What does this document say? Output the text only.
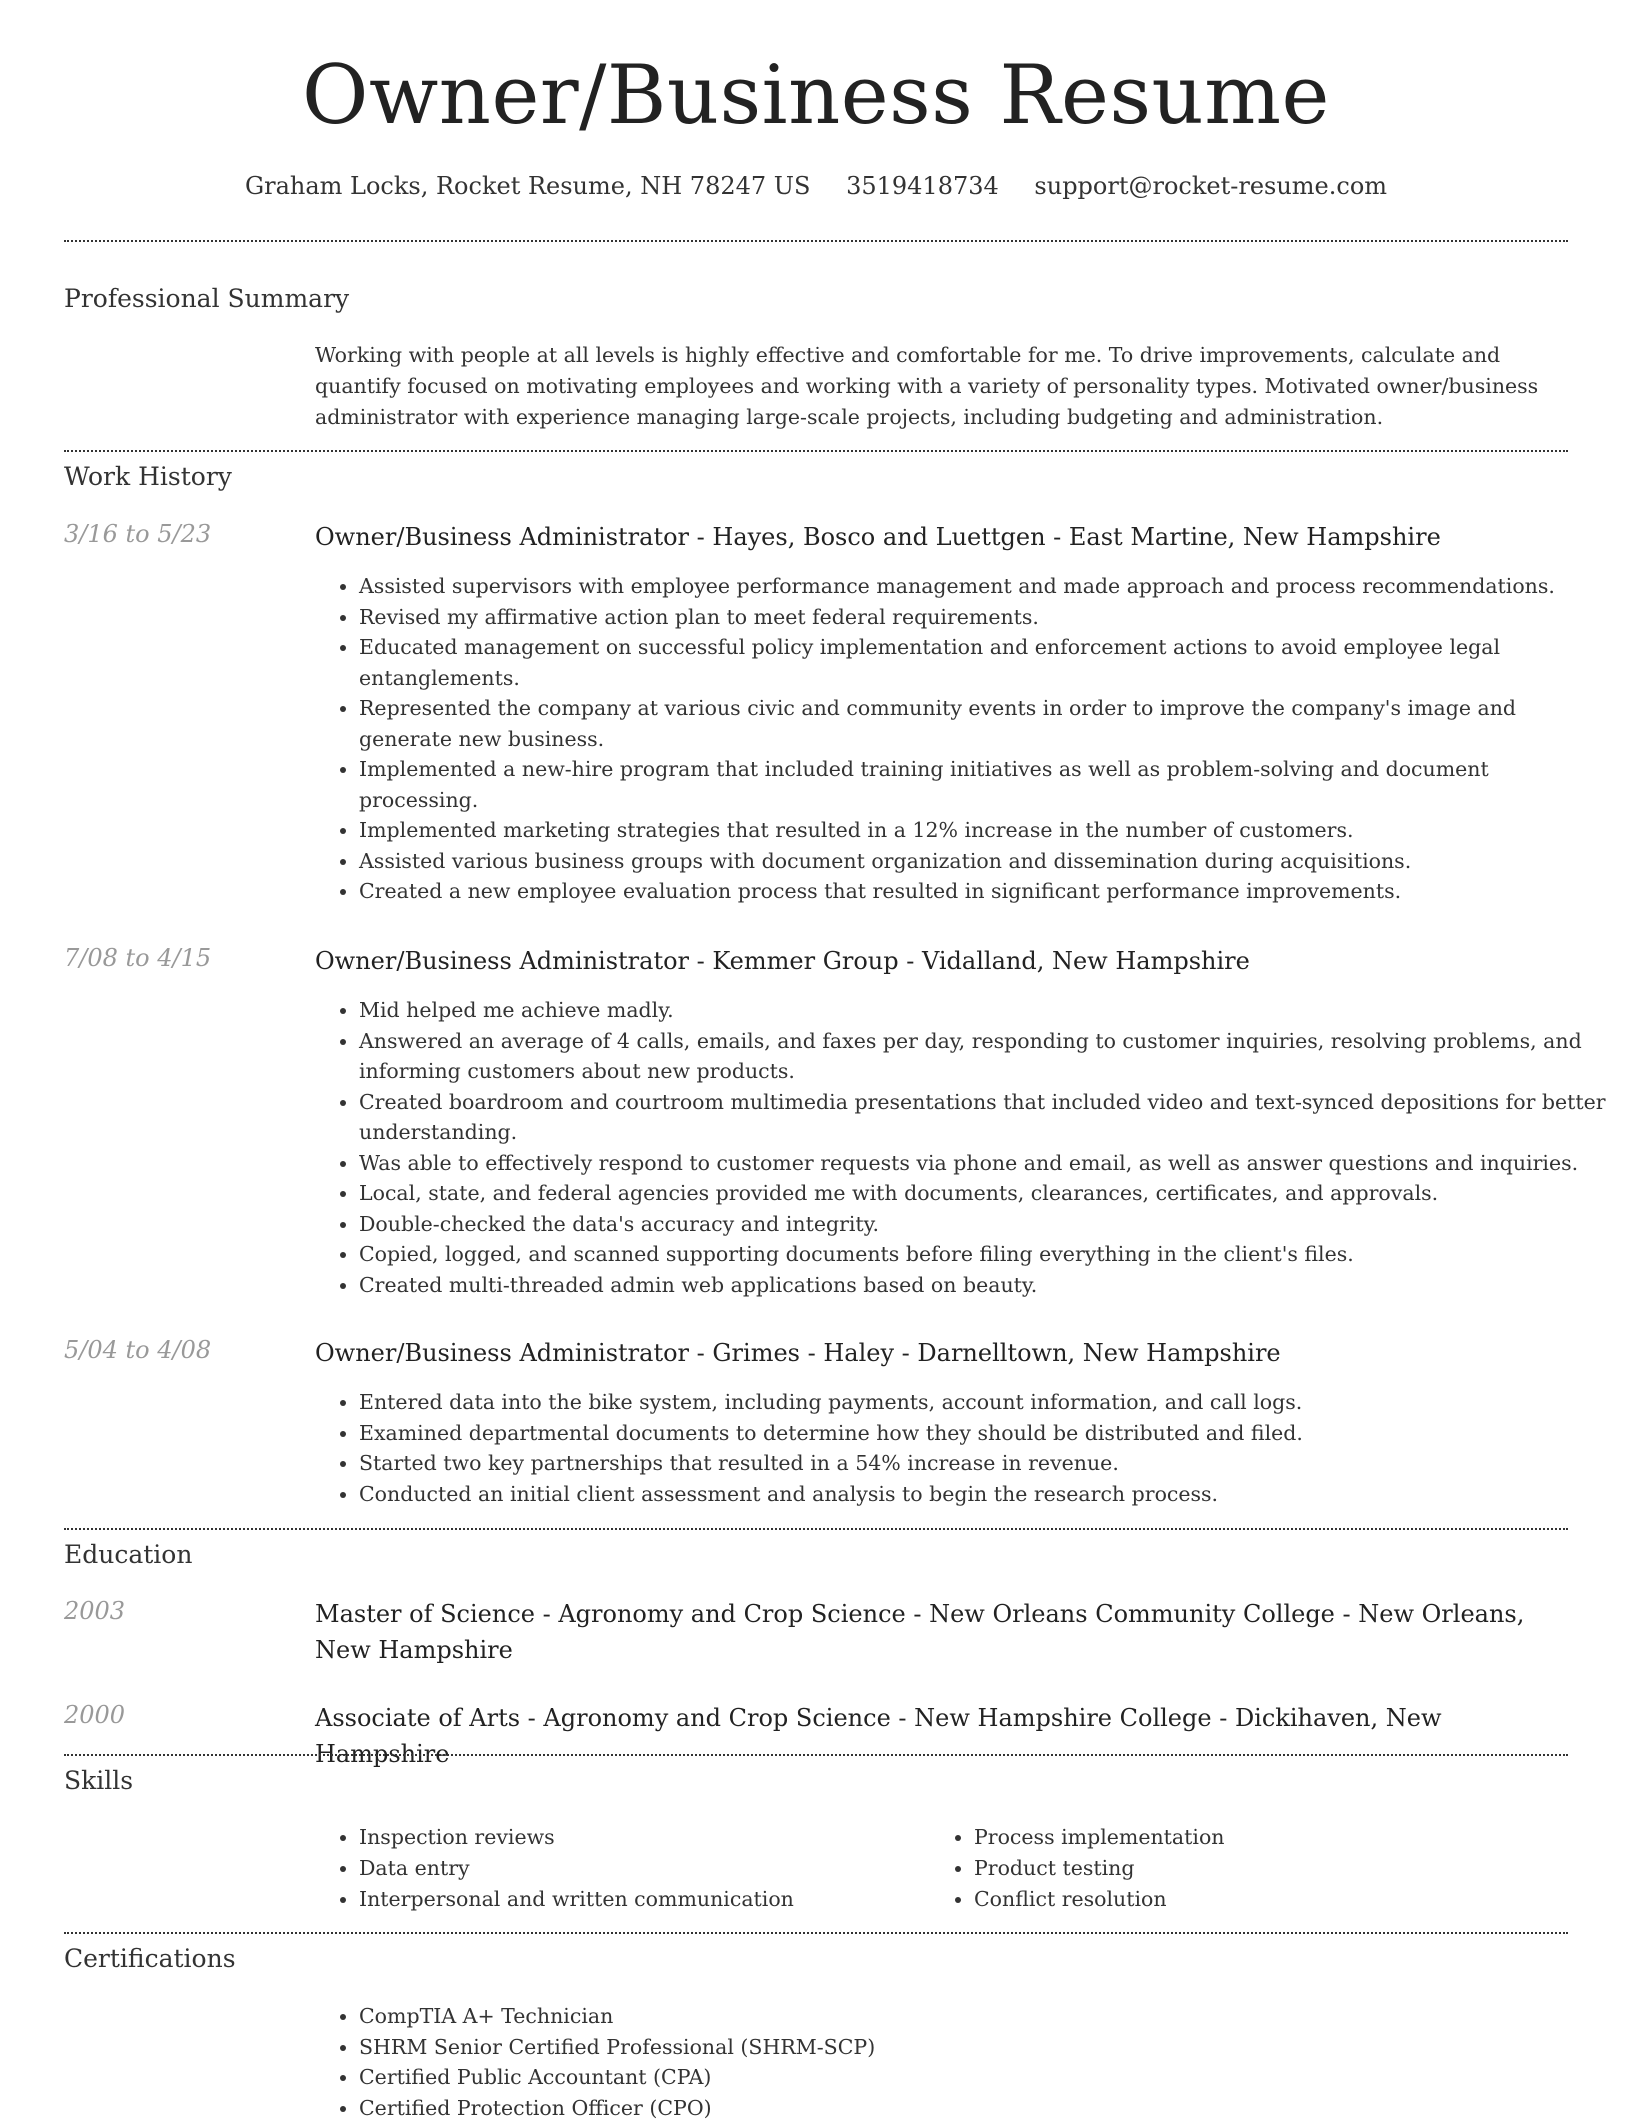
Owner/Business Resume
Graham Locks, Rocket Resume, NH 78247 US 3519418734 support@rocket-resume.com
Professional Summary

Working with people at all levels is highly effective and comfortable for me. To drive improvements, calculate and quantify focused on motivating employees and working with a variety of personality types. Motivated owner/business administrator with experience managing large-scale projects, including budgeting and administration.

Work History
3/16 to 5/23	Owner/Business Administrator - Hayes, Bosco and Luettgen - East Martine, New Hampshire
• Assisted supervisors with employee performance management and made approach and process recommendations.
• Revised my affirmative action plan to meet federal requirements.
• Educated management on successful policy implementation and enforcement actions to avoid employee legal entanglements.
• Represented the company at various civic and community events in order to improve the company's image and generate new business.
• Implemented a new-hire program that included training initiatives as well as problem-solving and document processing.
• Implemented marketing strategies that resulted in a 12% increase in the number of customers.
• Assisted various business groups with document organization and dissemination during acquisitions.
• Created a new employee evaluation process that resulted in significant performance improvements.
7/08 to 4/15	Owner/Business Administrator - Kemmer Group - Vidalland, New Hampshire
• Mid helped me achieve madly.
• Answered an average of 4 calls, emails, and faxes per day, responding to customer inquiries, resolving problems, and informing customers about new products.
• Created boardroom and courtroom multimedia presentations that included video and text-synced depositions for better understanding.
• Was able to effectively respond to customer requests via phone and email, as well as answer questions and inquiries.
• Local, state, and federal agencies provided me with documents, clearances, certificates, and approvals.
• Double-checked the data's accuracy and integrity.
• Copied, logged, and scanned supporting documents before filing everything in the client's files.
• Created multi-threaded admin web applications based on beauty.
5/04 to 4/08	Owner/Business Administrator - Grimes - Haley - Darnelltown, New Hampshire
• Entered data into the bike system, including payments, account information, and call logs.
• Examined departmental documents to determine how they should be distributed and filed.
• Started two key partnerships that resulted in a 54% increase in revenue.
• Conducted an initial client assessment and analysis to begin the research process.
Education
2003	Master of Science - Agronomy and Crop Science - New Orleans Community College - New Orleans, New Hampshire
2000	Associate of Arts - Agronomy and Crop Science - New Hampshire College - Dickihaven, New Hampshire
Skills
• Inspection reviews
• Data entry
• Interpersonal and written communication
• Process implementation
• Product testing
• Conflict resolution
Certifications
• CompTIA A+ Technician
• SHRM Senior Certified Professional (SHRM-SCP)
• Certified Public Accountant (CPA)
• Certified Protection Officer (CPO)
